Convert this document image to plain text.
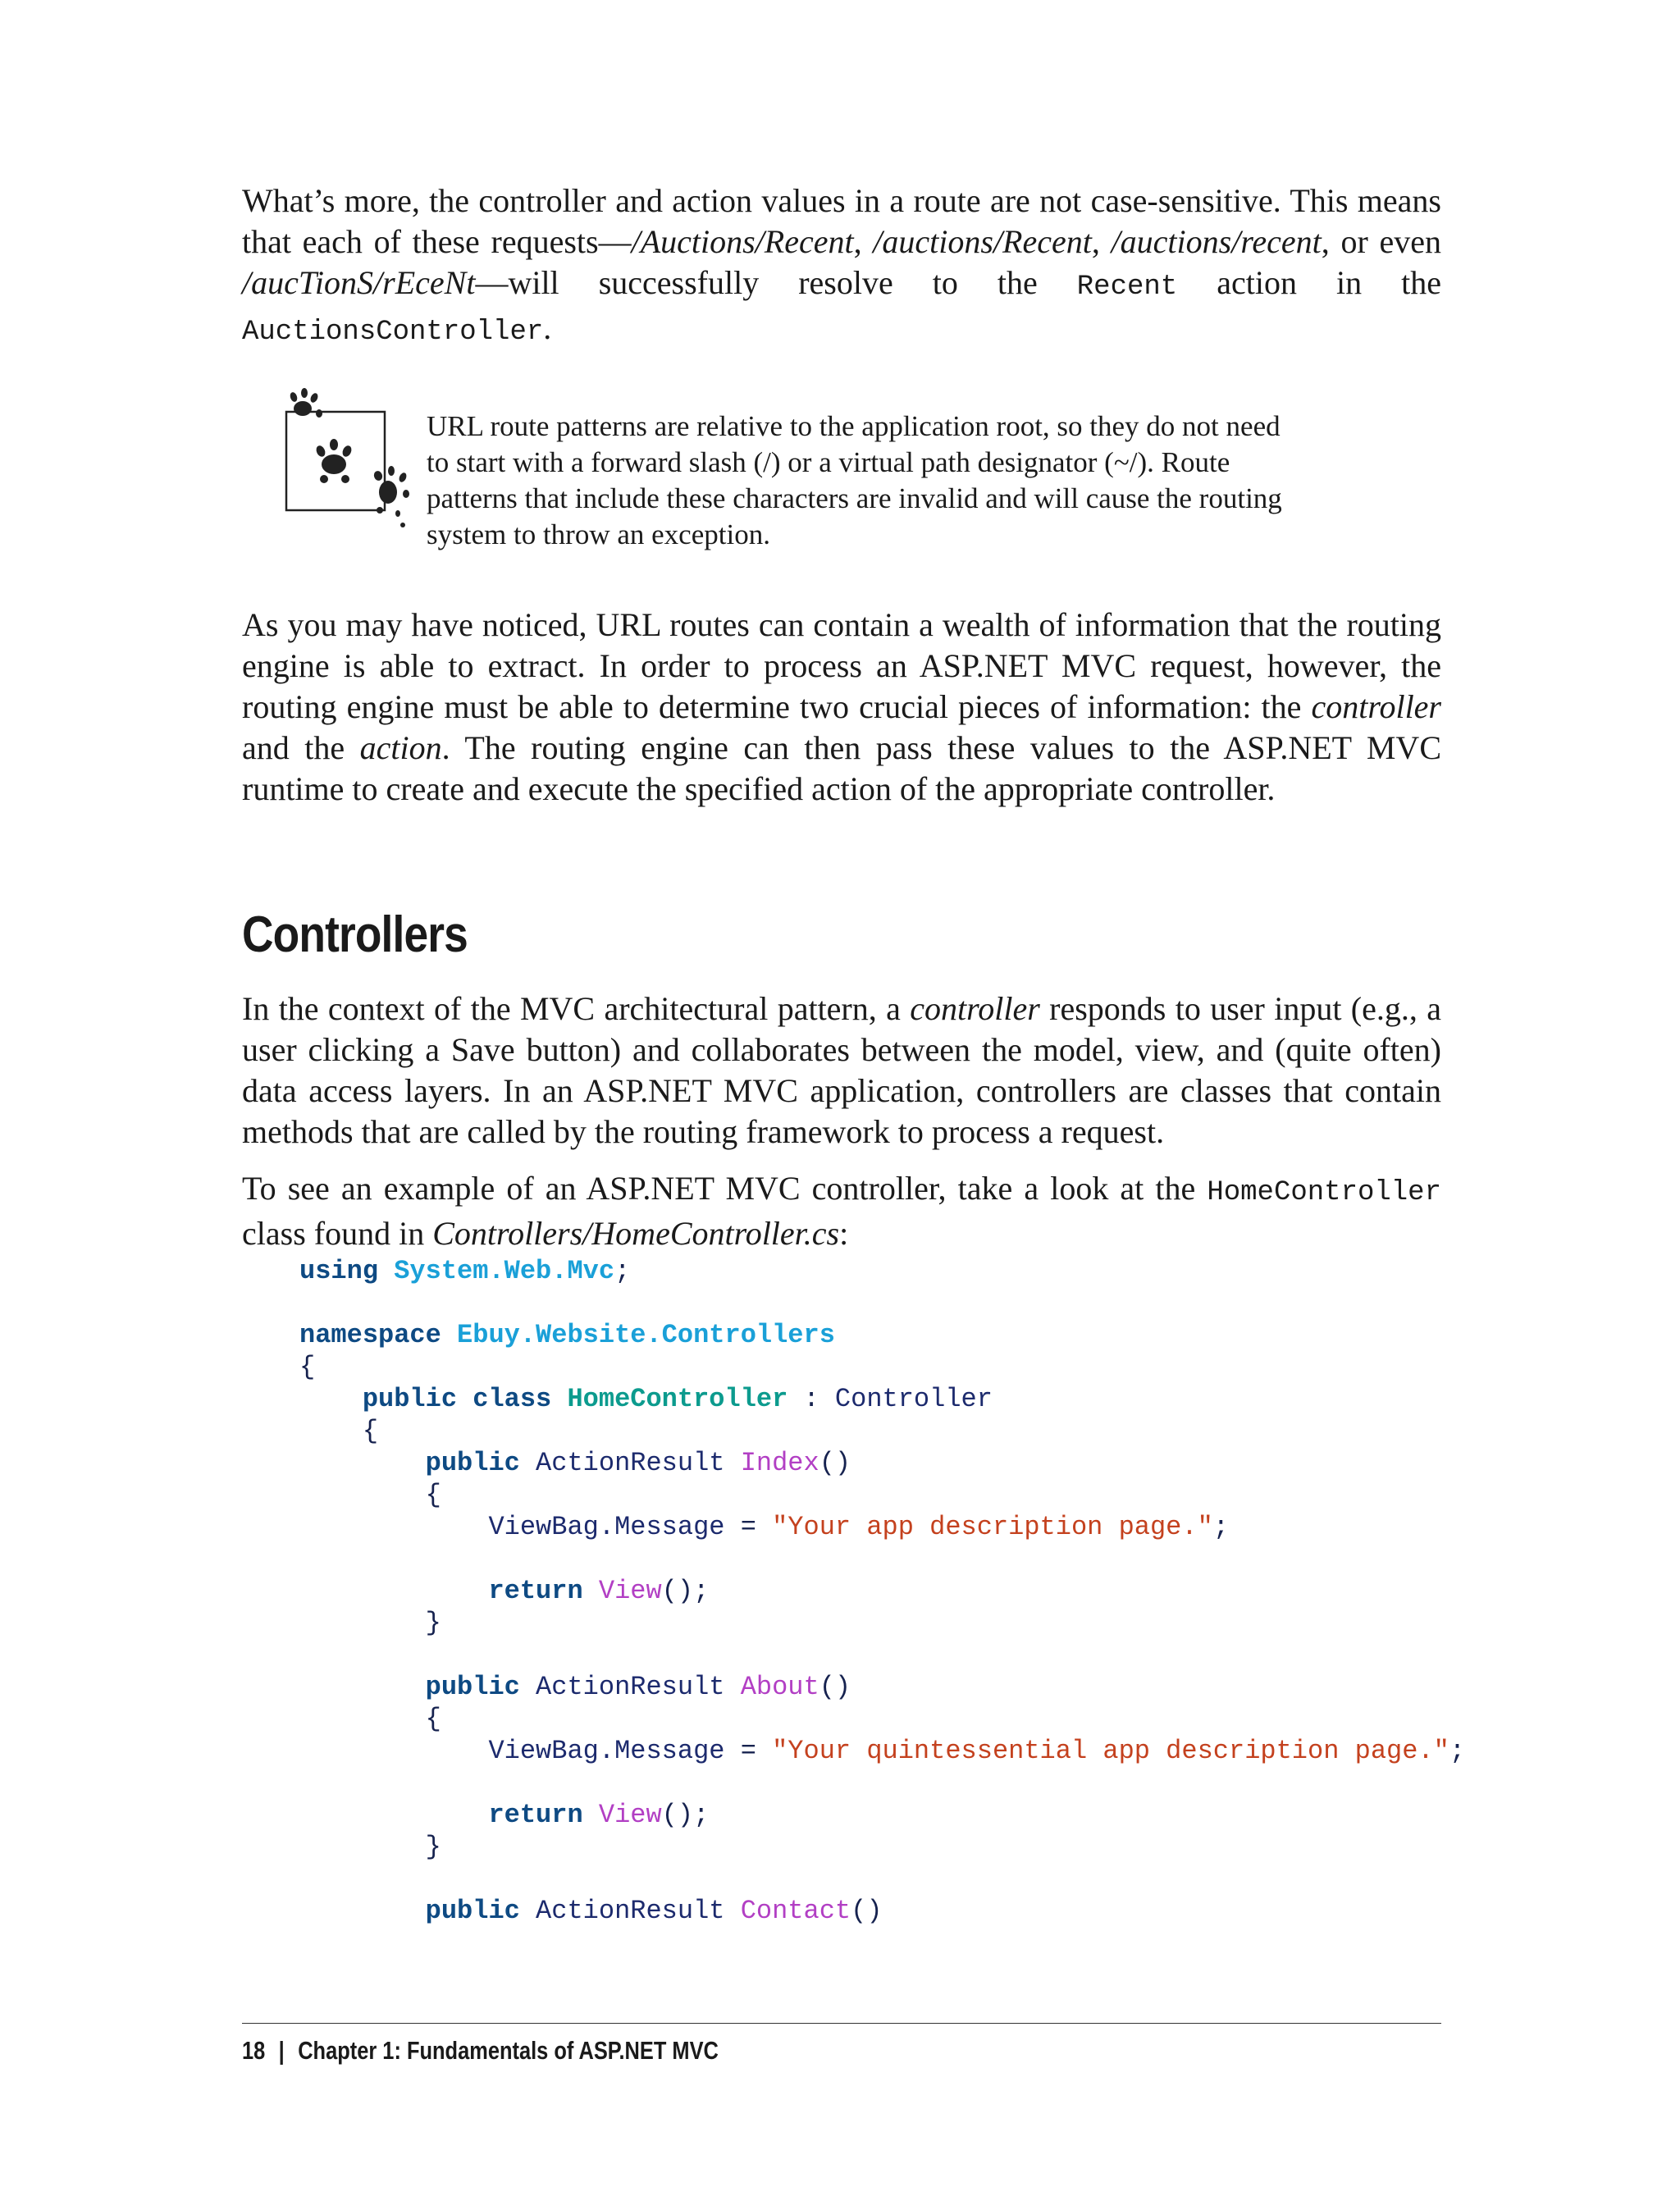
What’s more, the controller and action values in a route are not case-sensitive. This means that each of these requests—/Auctions/Recent, /auctions/Recent, /auctions/recent, or even /aucTionS/rEceNt—will successfully resolve to the Recent action in the AuctionsController.

URL route patterns are relative to the application root, so they do not need to start with a forward slash (/) or a virtual path designator (~/). Route patterns that include these characters are invalid and will cause the routing system to throw an exception.

As you may have noticed, URL routes can contain a wealth of information that the routing engine is able to extract. In order to process an ASP.NET MVC request, however, the routing engine must be able to determine two crucial pieces of information: the controller and the action. The routing engine can then pass these values to the ASP.NET MVC runtime to create and execute the specified action of the appropriate controller.

Controllers

In the context of the MVC architectural pattern, a controller responds to user input (e.g., a user clicking a Save button) and collaborates between the model, view, and (quite often) data access layers. In an ASP.NET MVC application, controllers are classes that contain methods that are called by the routing framework to process a request.

To see an example of an ASP.NET MVC controller, take a look at the HomeController class found in Controllers/HomeController.cs:

using System.Web.Mvc;

namespace Ebuy.Website.Controllers
{
public class HomeController : Controller
{
public ActionResult Index()
{
ViewBag.Message = "Your app description page.";

return View();
}

public ActionResult About()
{
ViewBag.Message = "Your quintessential app description page.";

return View();
}

public ActionResult Contact()
18 | Chapter 1: Fundamentals of ASP.NET MVC
